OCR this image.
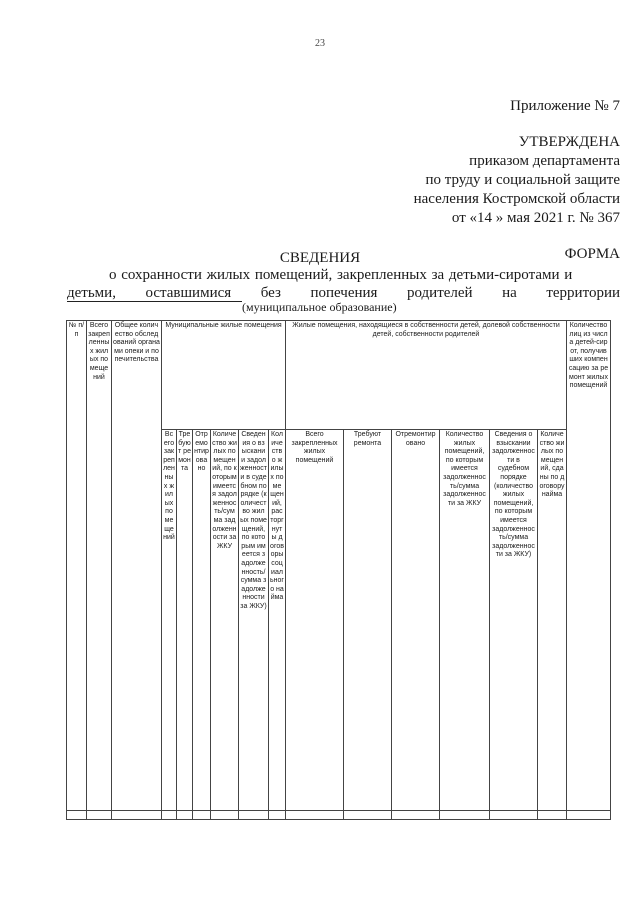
23
Приложение № 7
УТВЕРЖДЕНА
приказом департамента
по труду и социальной защите
населения Костромской области
от «14 » мая 2021 г. № 367
ФОРМА
СВЕДЕНИЯ
о сохранности жилых помещений, закрепленных за детьми-сиротами и
детьми, оставшимися без попечения родителей на территории
(муниципальное образование)
№ п/п	Всего закрепленных жилых помещений	Общее количество обследований органами опеки и попечительства	Муниципальные жилые помещения						Жилые помещения, находящиеся в собственности детей, долевой собственности детей, собственности родителей						Количество лиц из числа детей-сирот, получивших компенсацию за ремонт жилых помещений
			Всего закрепленных жилых помещений	Требуют ремонта	Отремонтировано	Количество жилых помещений, по которым имеется задолженность/сумма задолженности за ЖКУ	Сведения о взыскании задолженности в судебном порядке (количество жилых помещений, по которым имеется задолженность/сумма задолженности за ЖКУ)	Количество жилых помещений, расторгнуты договоры социального найма	Всего закрепленных жилых помещений	Требуют ремонта	Отремонтировано	Количество жилых помещений, по которым имеется задолженность/сумма задолженности за ЖКУ	Сведения о взыскании задолженности в судебном порядке (количество жилых помещений, по которым имеется задолженность/сумма задолженности за ЖКУ)	Количество жилых помещений, сданы по договору найма	
